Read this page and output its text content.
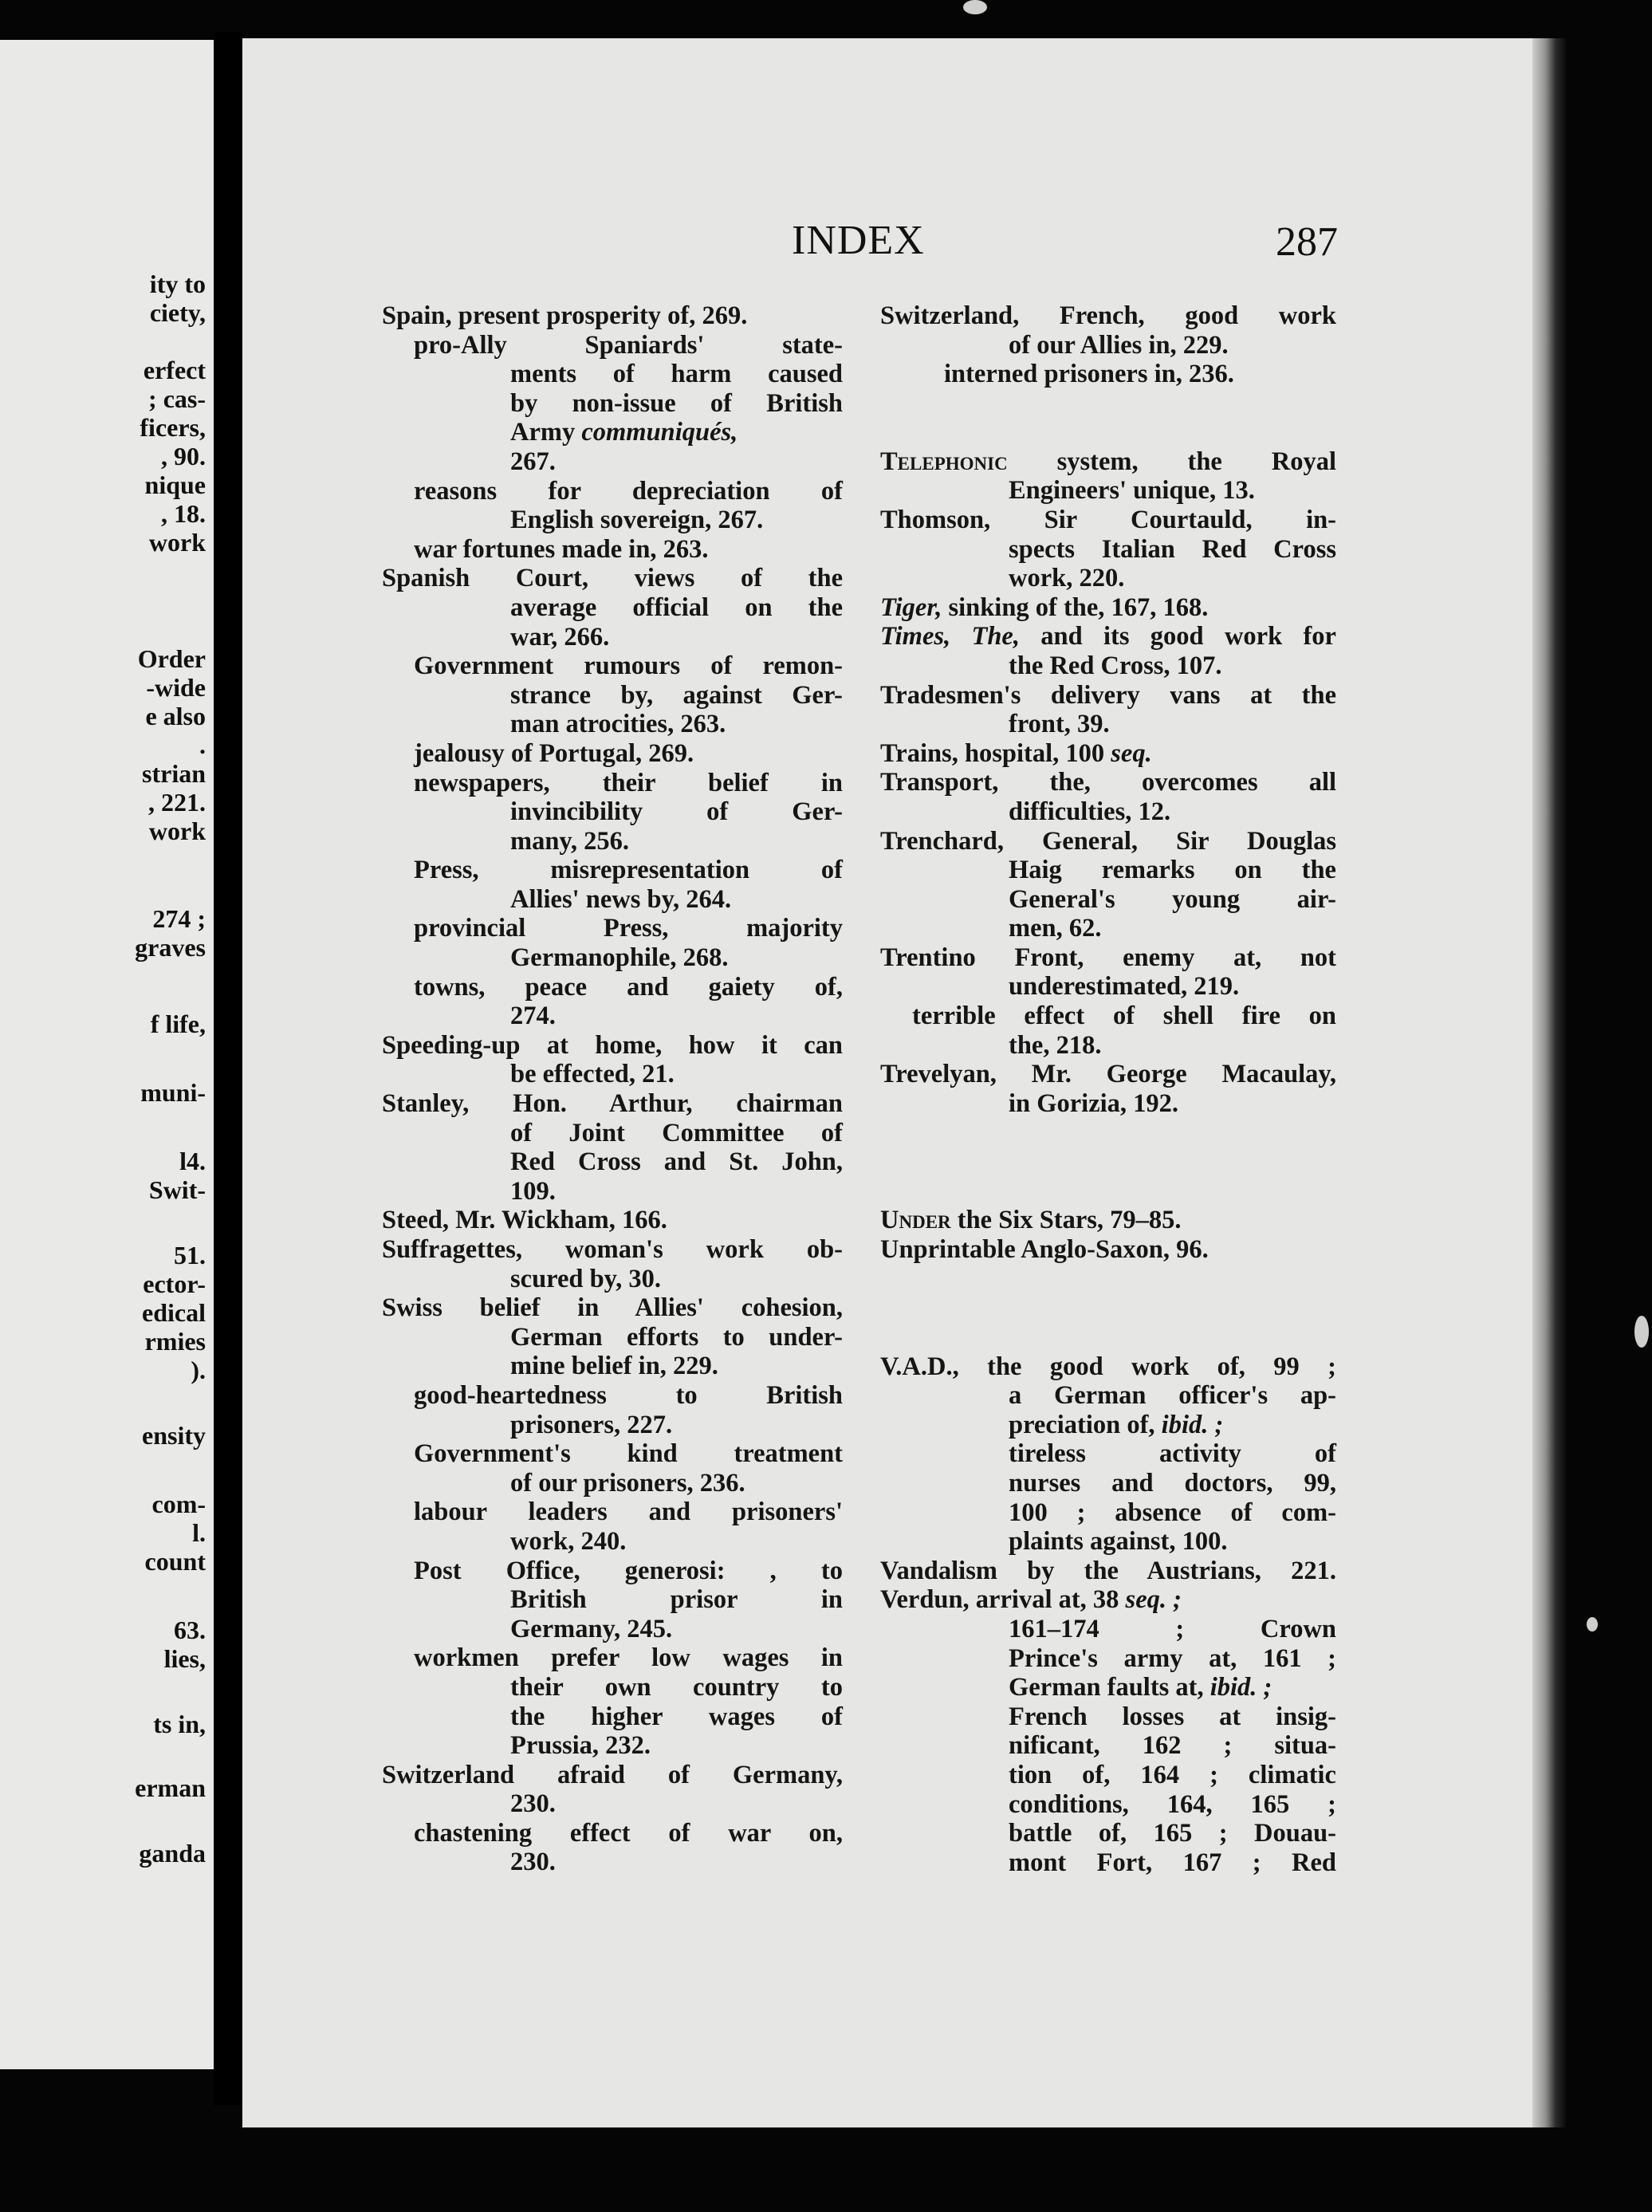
ity to
ciety,
erfect
; cas-
ficers,
, 90.
nique
, 18.
work
Order
-wide
e also
.
strian
, 221.
work
274 ;
graves
f life,
muni-
l4.
Swit-
51.
ector-
edical
rmies
).
ensity
com-
l.
count
63.
lies,
ts in,
erman
ganda
INDEX	287
Spain, present prosperity of, 269.
pro-Ally Spaniards' state-
ments of harm caused
by non-issue of British
Army communiqués,
267.
reasons for depreciation of
English sovereign, 267.
war fortunes made in, 263.
Spanish Court, views of the
average official on the
war, 266.
Government rumours of remon-
strance by, against Ger-
man atrocities, 263.
jealousy of Portugal, 269.
newspapers, their belief in
invincibility of Ger-
many, 256.
Press, misrepresentation of
Allies' news by, 264.
provincial Press, majority
Germanophile, 268.
towns, peace and gaiety of,
274.
Speeding-up at home, how it can
be effected, 21.
Stanley, Hon. Arthur, chairman
of Joint Committee of
Red Cross and St. John,
109.
Steed, Mr. Wickham, 166.
Suffragettes, woman's work ob-
scured by, 30.
Swiss belief in Allies' cohesion,
German efforts to under-
mine belief in, 229.
good-heartedness to British
prisoners, 227.
Government's kind treatment
of our prisoners, 236.
labour leaders and prisoners'
work, 240.
Post Office, generosi: , to
British prisor in
Germany, 245.
workmen prefer low wages in
their own country to
the higher wages of
Prussia, 232.
Switzerland afraid of Germany,
230.
chastening effect of war on,
230.
Switzerland, French, good work
of our Allies in, 229.
interned prisoners in, 236.
Telephonic system, the Royal
Engineers' unique, 13.
Thomson, Sir Courtauld, in-
spects Italian Red Cross
work, 220.
Tiger, sinking of the, 167, 168.
Times, The, and its good work for
the Red Cross, 107.
Tradesmen's delivery vans at the
front, 39.
Trains, hospital, 100 seq.
Transport, the, overcomes all
difficulties, 12.
Trenchard, General, Sir Douglas
Haig remarks on the
General's young air-
men, 62.
Trentino Front, enemy at, not
underestimated, 219.
terrible effect of shell fire on
the, 218.
Trevelyan, Mr. George Macaulay,
in Gorizia, 192.
Under the Six Stars, 79–85.
Unprintable Anglo-Saxon, 96.
V.A.D., the good work of, 99 ;
a German officer's ap-
preciation of, ibid. ;
tireless activity of
nurses and doctors, 99,
100 ; absence of com-
plaints against, 100.
Vandalism by the Austrians, 221.
Verdun, arrival at, 38 seq. ;
161–174 ; Crown
Prince's army at, 161 ;
German faults at, ibid. ;
French losses at insig-
nificant, 162 ; situa-
tion of, 164 ; climatic
conditions, 164, 165 ;
battle of, 165 ; Douau-
mont Fort, 167 ; Red
